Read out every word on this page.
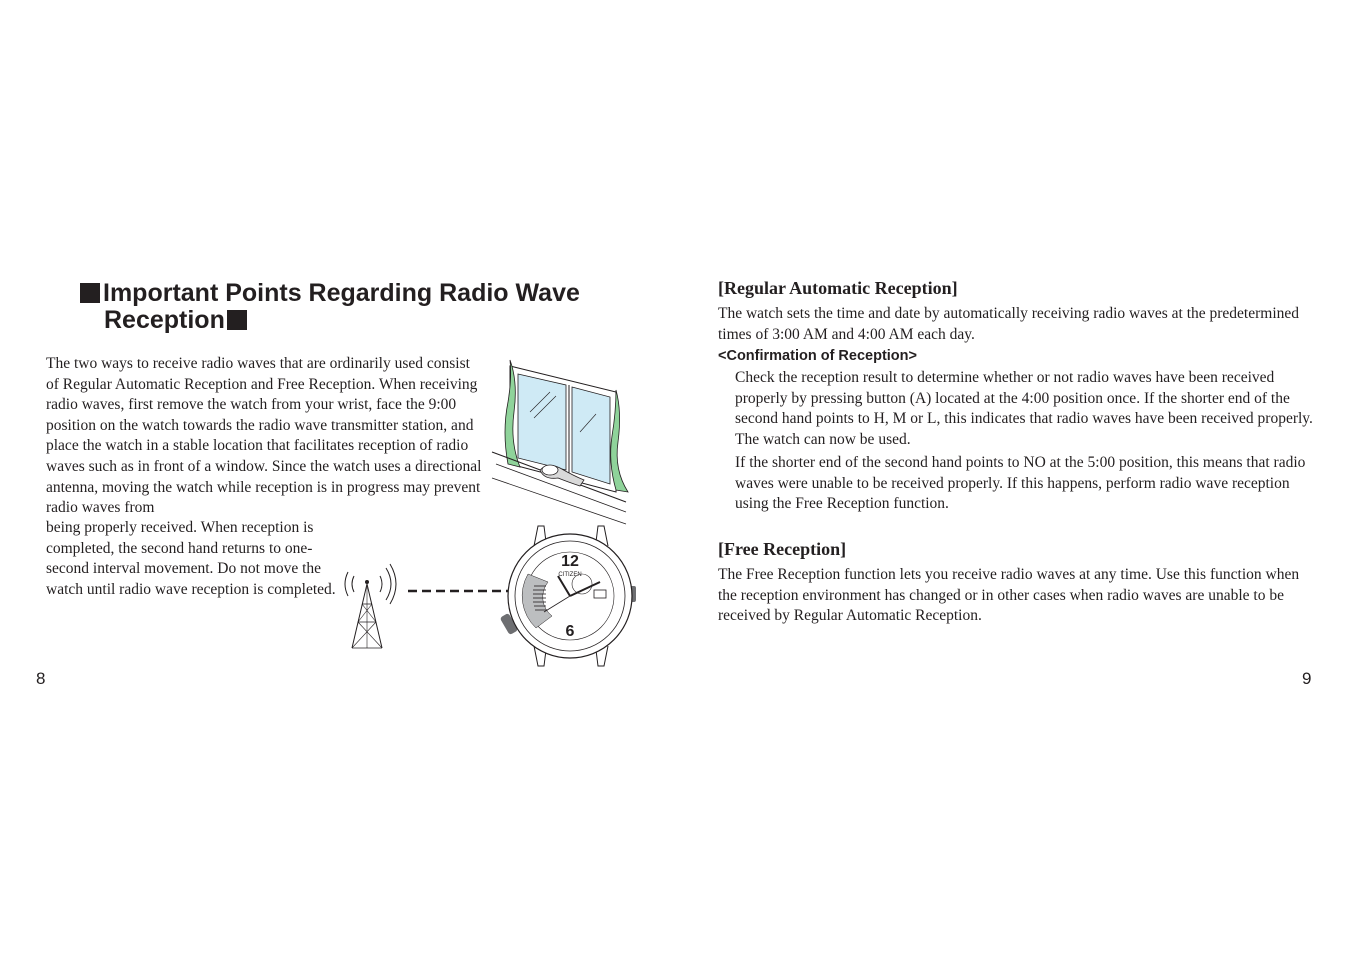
Important Points Regarding Radio Wave Reception

The two ways to receive radio waves that are ordinarily used consist of Regular Automatic Reception and Free Reception. When receiving radio waves, first remove the watch from your wrist, face the 9:00 position on the watch towards the radio wave transmitter station, and place the watch in a stable location that facilitates reception of radio waves such as in front of a window. Since the watch uses a directional antenna, moving the watch while reception is in progress may prevent radio waves from

being properly received. When reception is completed, the second hand returns to one-second interval movement. Do not move the watch until radio wave reception is completed.

12
CITIZEN
6
8
[Regular Automatic Reception]

The watch sets the time and date by automatically receiving radio waves at the predetermined times of 3:00 AM and 4:00 AM each day.

<Confirmation of Reception>

Check the reception result to determine whether or not radio waves have been received properly by pressing button (A) located at the 4:00 position once. If the shorter end of the second hand points to H, M or L, this indicates that radio waves have been received properly. The watch can now be used.

If the shorter end of the second hand points to NO at the 5:00 position, this means that radio waves were unable to be received properly. If this happens, perform radio wave reception using the Free Reception function.

[Free Reception]

The Free Reception function lets you receive radio waves at any time. Use this function when the reception environment has changed or in other cases when radio waves are unable to be received by Regular Automatic Reception.

9
